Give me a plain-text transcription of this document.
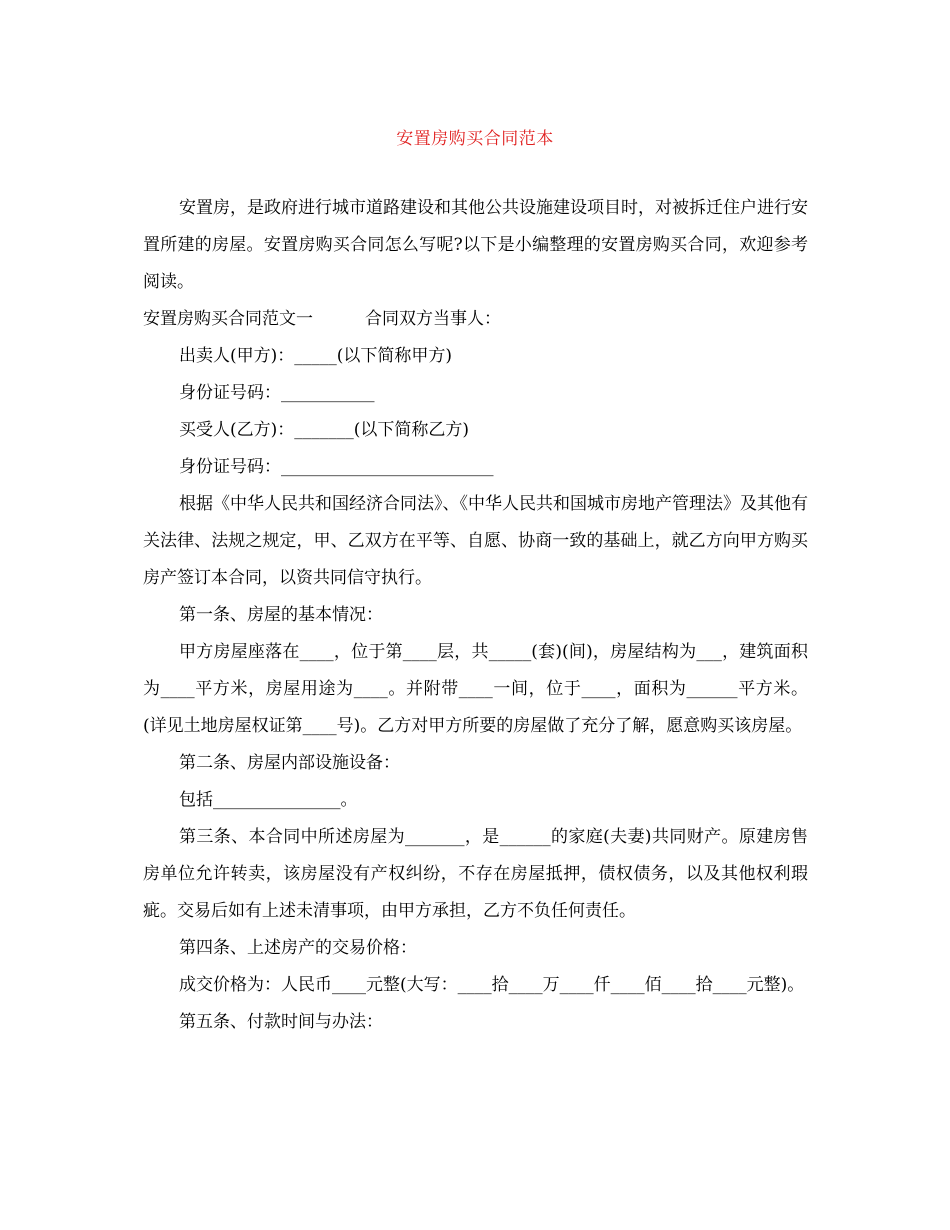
安置房购买合同范本

安置房，是政府进行城市道路建设和其他公共设施建设项目时，对被拆迁住户进行安置所建的房屋。安置房购买合同怎么写呢?以下是小编整理的安置房购买合同，欢迎参考阅读。

安置房购买合同范文一	合同双方当事人：

出卖人(甲方)：_____(以下简称甲方)

身份证号码：___________

买受人(乙方)：_______(以下简称乙方)

身份证号码：_________________________

根据《中华人民共和国经济合同法》、《中华人民共和国城市房地产管理法》及其他有关法律、法规之规定，甲、乙双方在平等、自愿、协商一致的基础上，就乙方向甲方购买房产签订本合同，以资共同信守执行。

第一条、房屋的基本情况：

甲方房屋座落在____，位于第____层，共_____(套)(间)，房屋结构为___，建筑面积为____平方米，房屋用途为____。并附带____一间，位于____，面积为______平方米。(详见土地房屋权证第____号)。乙方对甲方所要的房屋做了充分了解，愿意购买该房屋。

第二条、房屋内部设施设备：

包括_______________。

第三条、本合同中所述房屋为_______，是______的家庭(夫妻)共同财产。原建房售房单位允许转卖，该房屋没有产权纠纷，不存在房屋抵押，债权债务，以及其他权利瑕疵。交易后如有上述未清事项，由甲方承担，乙方不负任何责任。

第四条、上述房产的交易价格：

成交价格为：人民币____元整(大写：____拾____万____仟____佰____拾____元整)。

第五条、付款时间与办法：
